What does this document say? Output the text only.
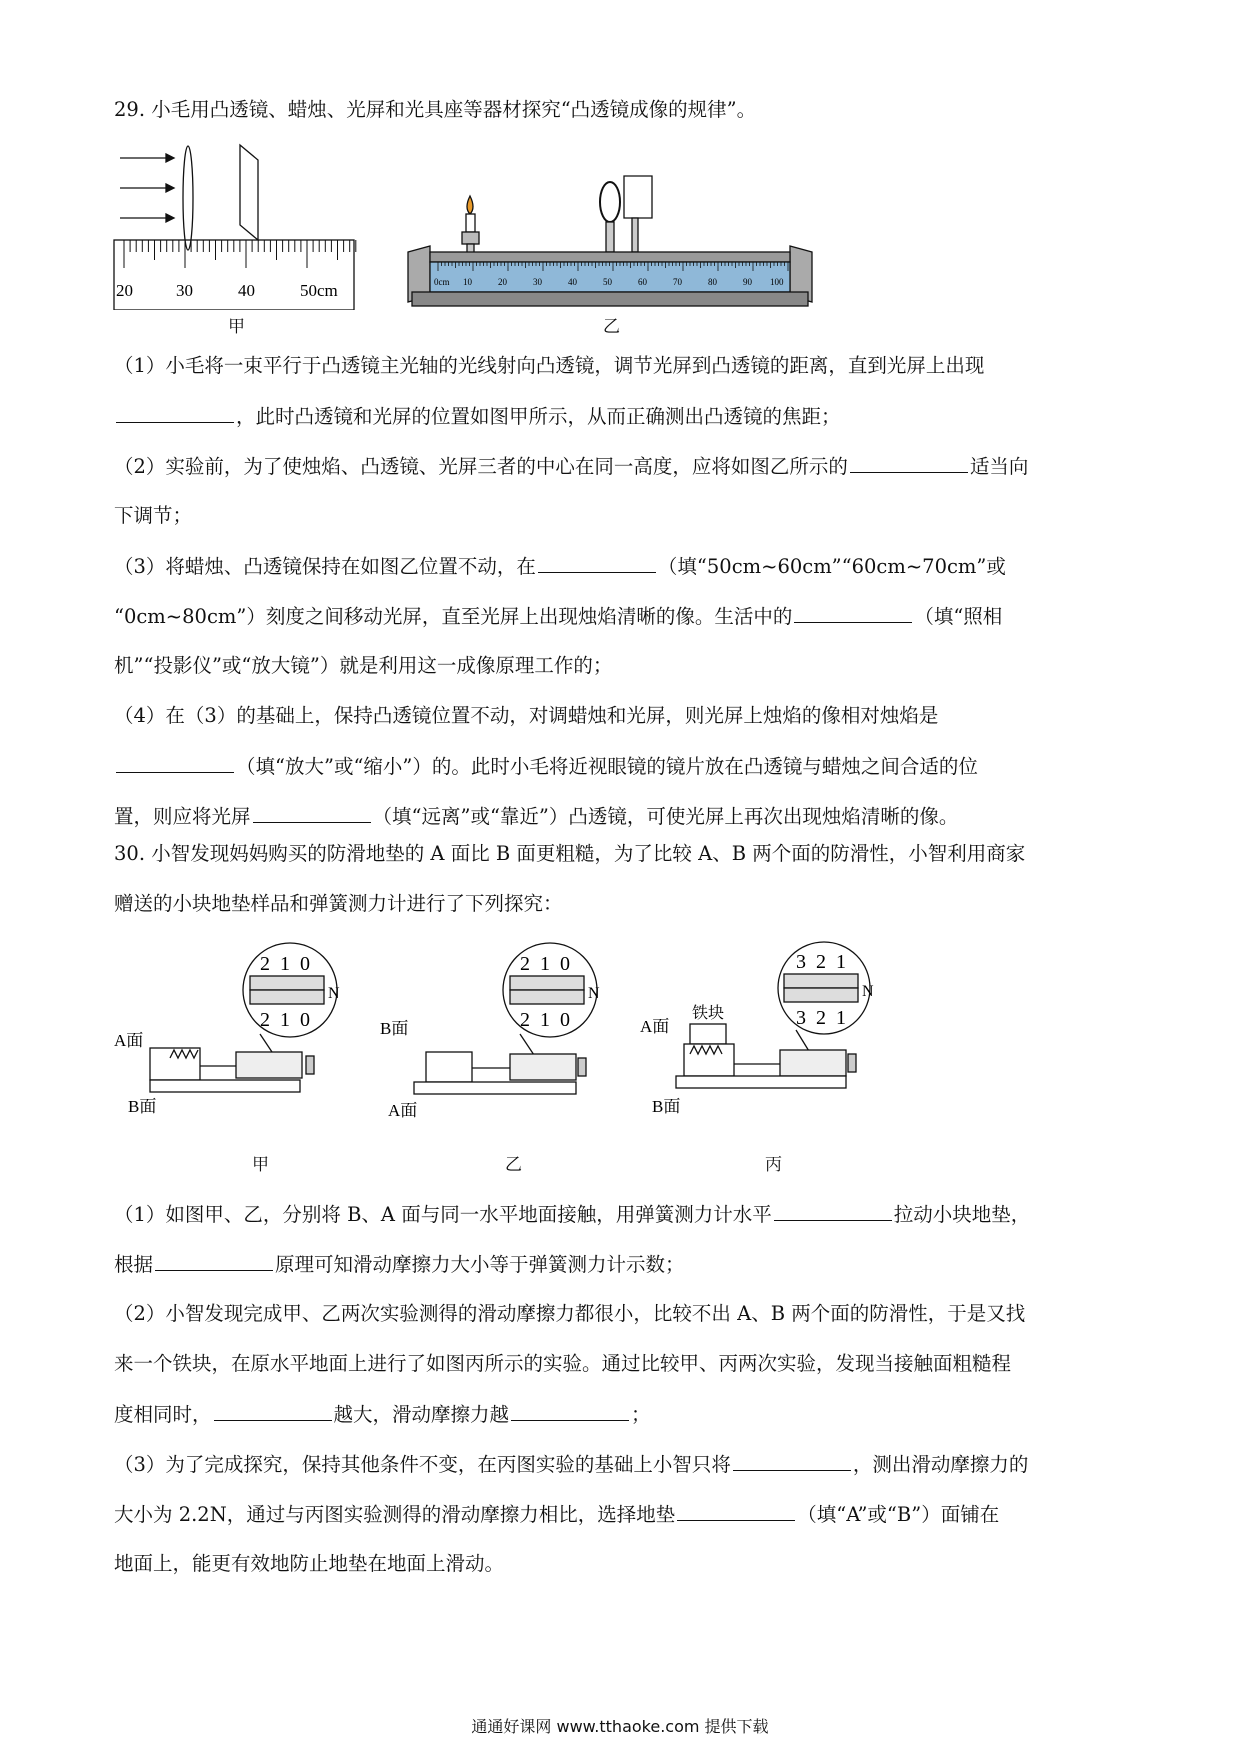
29. 小毛用凸透镜、蜡烛、光屏和光具座等器材探究“凸透镜成像的规律”。
20	30	40	50cm
甲
0cm 10	20	30	40	50	60	70	80	90 100
乙
（1）小毛将一束平行于凸透镜主光轴的光线射向凸透镜，调节光屏到凸透镜的距离，直到光屏上出现
，此时凸透镜和光屏的位置如图甲所示，从而正确测出凸透镜的焦距；
（2）实验前，为了使烛焰、凸透镜、光屏三者的中心在同一高度，应将如图乙所示的	适当向
下调节；
（3）将蜡烛、凸透镜保持在如图乙位置不动，在	（填“50cm~60cm”“60cm~70cm”或
“0cm~80cm”）刻度之间移动光屏，直至光屏上出现烛焰清晰的像。生活中的	（填“照相
机”“投影仪”或“放大镜”）就是利用这一成像原理工作的；
（4）在（3）的基础上，保持凸透镜位置不动，对调蜡烛和光屏，则光屏上烛焰的像相对烛焰是
（填“放大”或“缩小”）的。此时小毛将近视眼镜的镜片放在凸透镜与蜡烛之间合适的位
置，则应将光屏	（填“远离”或“靠近”）凸透镜，可使光屏上再次出现烛焰清晰的像。
30. 小智发现妈妈购买的防滑地垫的 A 面比 B 面更粗糙，为了比较 A、B 两个面的防滑性，小智利用商家
赠送的小块地垫样品和弹簧测力计进行了下列探究：
2 1 0
N
2 1 0
A面
B面
2 1 0
N
2 1 0
B面
A面
3 2 1
N
3 2 1
铁块
A面
B面
甲	乙	丙
（1）如图甲、乙，分别将 B、A 面与同一水平地面接触，用弹簧测力计水平	拉动小块地垫，
根据	原理可知滑动摩擦力大小等于弹簧测力计示数；
（2）小智发现完成甲、乙两次实验测得的滑动摩擦力都很小，比较不出 A、B 两个面的防滑性，于是又找
来一个铁块，在原水平地面上进行了如图丙所示的实验。通过比较甲、丙两次实验，发现当接触面粗糙程
度相同时，	越大，滑动摩擦力越	；
（3）为了完成探究，保持其他条件不变，在丙图实验的基础上小智只将	，测出滑动摩擦力的
大小为 2.2N，通过与丙图实验测得的滑动摩擦力相比，选择地垫	（填“A”或“B”）面铺在
地面上，能更有效地防止地垫在地面上滑动。
通通好课网 www.tthaoke.com 提供下载
